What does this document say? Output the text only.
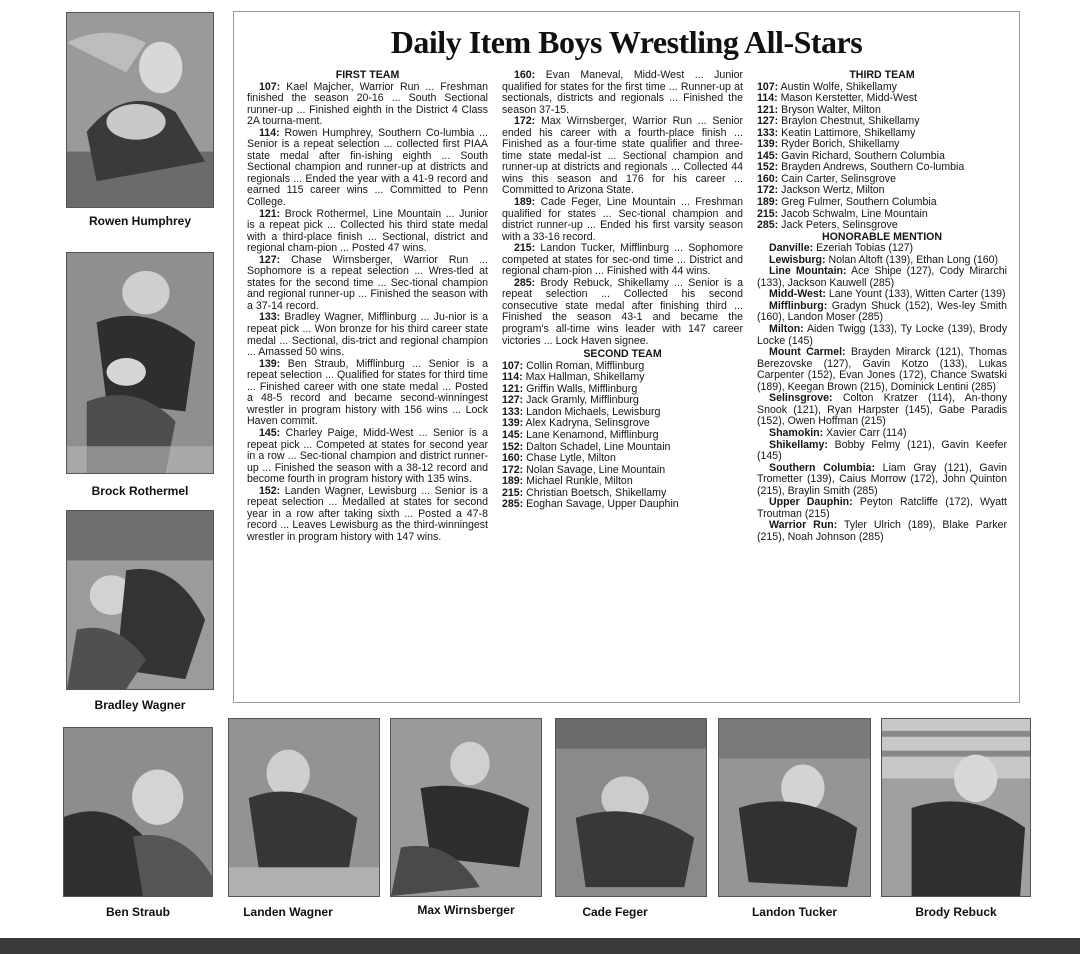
Rowen Humphrey
Brock Rothermel
Bradley Wagner
Daily Item Boys Wrestling All-Stars
FIRST TEAM

107: Kael Majcher, Warrior Run ... Freshman finished the season 20-16 ... South Sectional runner-up ... Finished eighth in the District 4 Class 2A tourna-ment.

114: Rowen Humphrey, Southern Co-lumbia ... Senior is a repeat selection ... collected first PIAA state medal after fin-ishing eighth ... South Sectional champion and runner-up at districts and regionals ... Ended the year with a 41-9 record and earned 115 career wins ... Committed to Penn College.

121: Brock Rothermel, Line Mountain ... Junior is a repeat pick ... Collected his third state medal with a third-place finish ... Sectional, district and regional cham-pion ... Posted 47 wins.

127: Chase Wirnsberger, Warrior Run ... Sophomore is a repeat selection ... Wres-tled at states for the second time ... Sec-tional champion and regional runner-up ... Finished the season with a 37-14 record.

133: Bradley Wagner, Mifflinburg ... Ju-nior is a repeat pick ... Won bronze for his third career state medal ... Sectional, dis-trict and regional champion ... Amassed 50 wins.

139: Ben Straub, Mifflinburg ... Senior is a repeat selection ... Qualified for states for third time ... Finished career with one state medal ... Posted a 48-5 record and became second-winningest wrestler in program history with 156 wins ... Lock Haven commit.

145: Charley Paige, Midd-West ... Senior is a repeat pick ... Competed at states for second year in a row ... Sec-tional champion and district runner-up ... Finished the season with a 38-12 record and become fourth in program history with 135 wins.

152: Landen Wagner, Lewisburg ... Senior is a repeat selection ... Medalled at states for second year in a row after taking sixth ... Posted a 47-8 record ... Leaves Lewisburg as the third-winningest wrestler in program history with 147 wins.

160: Evan Maneval, Midd-West ... Junior qualified for states for the first time ... Runner-up at sectionals, districts and regionals ... Finished the season 37-15.

172: Max Wirnsberger, Warrior Run ... Senior ended his career with a fourth-place finish ... Finished as a four-time state qualifier and three-time state medal-ist ... Sectional champion and runner-up at districts and regionals ... Collected 44 wins this season and 176 for his career ... Committed to Arizona State.

189: Cade Feger, Line Mountain ... Freshman qualified for states ... Sec-tional champion and district runner-up ... Ended his first varsity season with a 33-16 record.

215: Landon Tucker, Mifflinburg ... Sophomore competed at states for sec-ond time ... District and regional cham-pion ... Finished with 44 wins.

285: Brody Rebuck, Shikellamy ... Senior is a repeat selection ... Collected his second consecutive state medal after finishing third ... Finished the season 43-1 and became the program's all-time wins leader with 147 career victories ... Lock Haven signee.

SECOND TEAM
107: Collin Roman, Mifflinburg
114: Max Hallman, Shikellamy
121: Griffin Walls, Mifflinburg
127: Jack Gramly, Mifflinburg
133: Landon Michaels, Lewisburg
139: Alex Kadryna, Selinsgrove
145: Lane Kenamond, Mifflinburg
152: Dalton Schadel, Line Mountain
160: Chase Lytle, Milton
172: Nolan Savage, Line Mountain
189: Michael Runkle, Milton
215: Christian Boetsch, Shikellamy
285: Eoghan Savage, Upper Dauphin
THIRD TEAM
107: Austin Wolfe, Shikellamy
114: Mason Kerstetter, Midd-West
121: Bryson Walter, Milton
127: Braylon Chestnut, Shikellamy
133: Keatin Lattimore, Shikellamy
139: Ryder Borich, Shikellamy
145: Gavin Richard, Southern Columbia
152: Brayden Andrews, Southern Co-lumbia
160: Cain Carter, Selinsgrove
172: Jackson Wertz, Milton
189: Greg Fulmer, Southern Columbia
215: Jacob Schwalm, Line Mountain
285: Jack Peters, Selinsgrove
HONORABLE MENTION
Danville: Ezeriah Tobias (127)
Lewisburg: Nolan Altoft (139), Ethan Long (160)
Line Mountain: Ace Shipe (127), Cody Mirarchi (133), Jackson Kauwell (285)
Midd-West: Lane Yount (133), Witten Carter (139)
Mifflinburg: Gradyn Shuck (152), Wes-ley Smith (160), Landon Moser (285)
Milton: Aiden Twigg (133), Ty Locke (139), Brody Locke (145)
Mount Carmel: Brayden Mirarck (121), Thomas Berezovske (127), Gavin Kotzo (133), Lukas Carpenter (152), Evan Jones (172), Chance Swatski (189), Keegan Brown (215), Dominick Lentini (285)
Selinsgrove: Colton Kratzer (114), An-thony Snook (121), Ryan Harpster (145), Gabe Paradis (152), Owen Hoffman (215)
Shamokin: Xavier Carr (114)
Shikellamy: Bobby Felmy (121), Gavin Keefer (145)
Southern Columbia: Liam Gray (121), Gavin Trometter (139), Caius Morrow (172), John Quinton (215), Braylin Smith (285)
Upper Dauphin: Peyton Ratcliffe (172), Wyatt Troutman (215)
Warrior Run: Tyler Ulrich (189), Blake Parker (215), Noah Johnson (285)
Ben Straub	Landen Wagner	Max Wirnsberger	Cade Feger	Landon Tucker	Brody Rebuck
